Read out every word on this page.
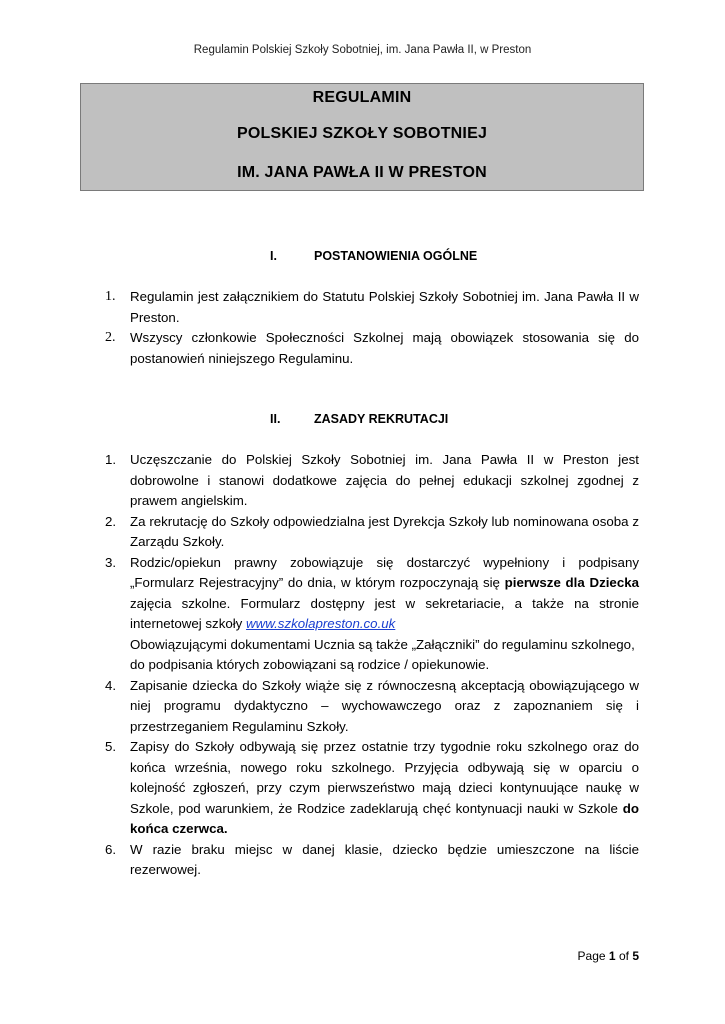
Regulamin Polskiej Szkoły Sobotniej, im. Jana Pawła II, w Preston
REGULAMIN
POLSKIEJ SZKOŁY SOBOTNIEJ
IM. JANA PAWŁA II W PRESTON
I.	POSTANOWIENIA OGÓLNE
1. Regulamin jest załącznikiem do Statutu Polskiej Szkoły Sobotniej im. Jana Pawła II w Preston.
2. Wszyscy członkowie Społeczności Szkolnej mają obowiązek stosowania się do postanowień niniejszego Regulaminu.
II.	ZASADY REKRUTACJI
1. Uczęszczanie do Polskiej Szkoły Sobotniej im. Jana Pawła II w Preston jest dobrowolne i stanowi dodatkowe zajęcia do pełnej edukacji szkolnej zgodnej z prawem angielskim.
2. Za rekrutację do Szkoły odpowiedzialna jest Dyrekcja Szkoły lub nominowana osoba z Zarządu Szkoły.
3. Rodzic/opiekun prawny zobowiązuje się dostarczyć wypełniony i podpisany „Formularz Rejestracyjny” do dnia, w którym rozpoczynają się pierwsze dla Dziecka zajęcia szkolne. Formularz dostępny jest w sekretariacie, a także na stronie internetowej szkoły www.szkolapreston.co.uk
Obowiązującymi dokumentami Ucznia są także „Załączniki” do regulaminu szkolnego, do podpisania których zobowiązani są rodzice / opiekunowie.
4. Zapisanie dziecka do Szkoły wiąże się z równoczesną akceptacją obowiązującego w niej programu dydaktyczno – wychowawczego oraz z zapoznaniem się i przestrzeganiem Regulaminu Szkoły.
5. Zapisy do Szkoły odbywają się przez ostatnie trzy tygodnie roku szkolnego oraz do końca września, nowego roku szkolnego. Przyjęcia odbywają się w oparciu o kolejność zgłoszeń, przy czym pierwszeństwo mają dzieci kontynuujące naukę w Szkole, pod warunkiem, że Rodzice zadeklarują chęć kontynuacji nauki w Szkole do końca czerwca.
6. W razie braku miejsc w danej klasie, dziecko będzie umieszczone na liście rezerwowej.
Page 1 of 5
